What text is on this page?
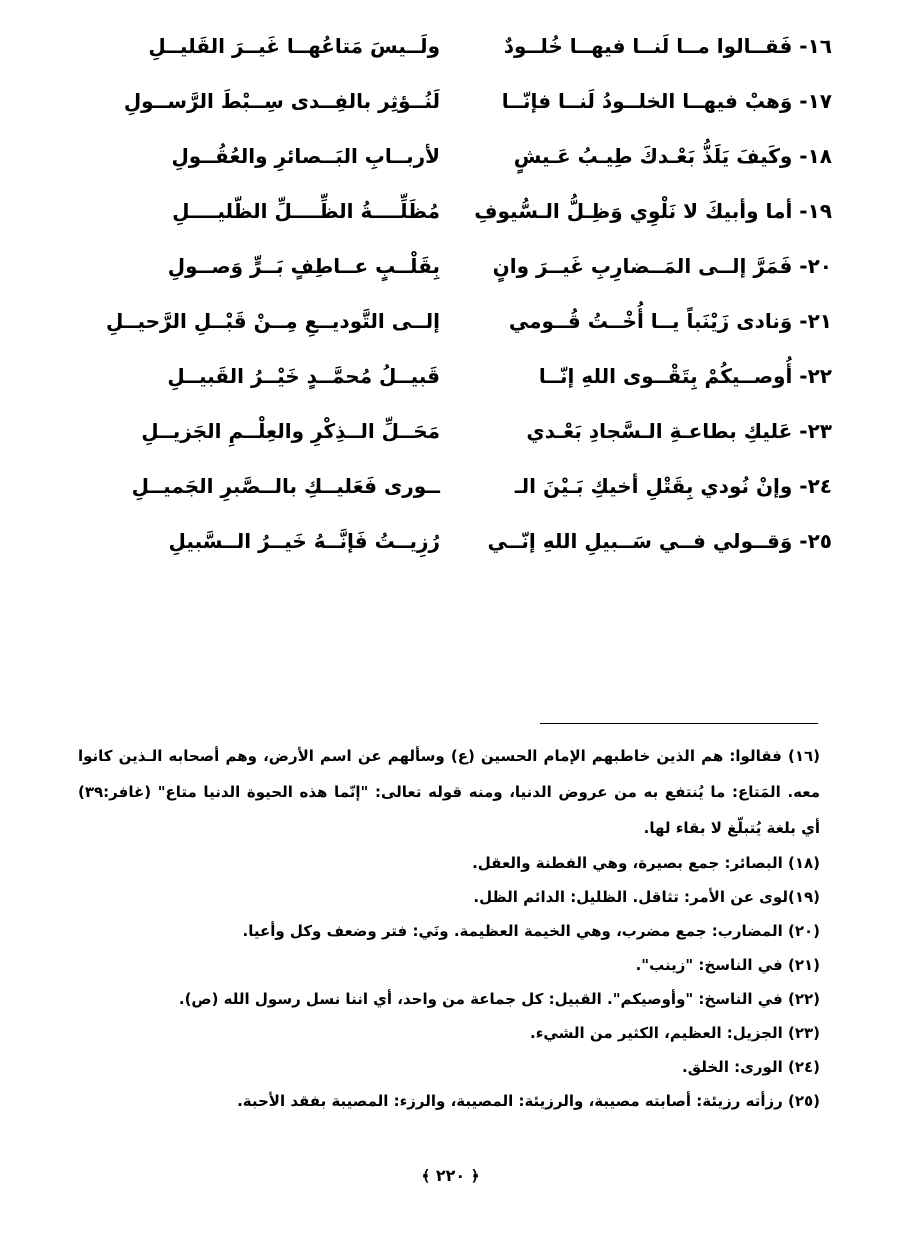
١٦- فَقــالوا مــا لَنــا فيهــا خُلــودٌ
ولَــيسَ مَتاعُهــا غَيــرَ القَليــلِ
١٧- وَهبْ فيهــا الخلــودُ لَنــا فإنّــا
لَنُــؤثِر بالفِــدى سِــبْطَ الرَّســولِ
١٨- وكَيفَ يَلَذُّ بَعْـدكَ طِيـبُ عَـيشٍ
لأربــابِ البَــصائرِ والعُقُــولِ
١٩- أما وأبيكَ لا نَلْوِي وَظِـلُّ الـسُّيوفِ
مُظَلِّــــةُ الظِّــــلِّ الظّليــــلِ
٢٠- فَمَرَّ إلــى المَــضارِبِ غَيــرَ وانٍ
بِقَلْــبٍ عــاطِفٍ بَــرٍّ وَصــولِ
٢١- وَنادى زَيْنَباً يــا أُخْــتُ قُــومي
إلــى التَّوديــعِ مِــنْ قَبْــلِ الرَّحيــلِ
٢٢- أُوصــيكُمْ بِتَقْــوى اللهِ إنّــا
قَبيــلُ مُحمَّــدٍ خَيْــرُ القَبيــلِ
٢٣- عَليكِ بطاعـةِ الـسَّجادِ بَعْـدي
مَحَــلِّ الــذِكْرِ والعِلْــمِ الجَزيــلِ
٢٤- وإنْ نُودي بِقَتْلِ أخيكِ بَـيْنَ الـ
ــورى فَعَليــكِ بالــصَّبرِ الجَميــلِ
٢٥- وَقــولي فــي سَــبيلِ اللهِ إنّــي
رُزِيــتُ فَإنَّــهُ خَيــرُ الــسَّبيلِ

(١٦) فقالوا: هم الذين خاطبهم الإمام الحسين (ع) وسألهم عن اسم الأرض، وهم أصحابه الـذين كانوا معه. المَتاع: ما يُنتفع به من عروض الدنيا، ومنه قوله تعالى: "إنّما هذه الحيوة الدنيا متاع" (غافر:٣٩) أي بلغة يُتبلّغ لا بقاء لها.

(١٨) البصائر: جمع بصيرة، وهي الفطنة والعقل.

(١٩)لوى عن الأمر: تثاقل. الظليل: الدائم الظل.

(٢٠) المضارب: جمع مضرب، وهي الخيمة العظيمة. ونَي: فتر وضعف وكل وأعيا.

(٢١) في الناسخ: "زينب".

(٢٢) في الناسخ: "وأوصيكم". القبيل: كل جماعة من واحد، أي اننا نسل رسول الله (ص).

(٢٣) الجزيل: العظيم، الكثير من الشيء.

(٢٤) الورى: الخلق.

(٢٥) رزأته رزيئة: أصابته مصيبة، والرزيئة: المصيبة، والرزء: المصيبة بفقد الأحبة.

﴿ ٢٢٠ ﴾
